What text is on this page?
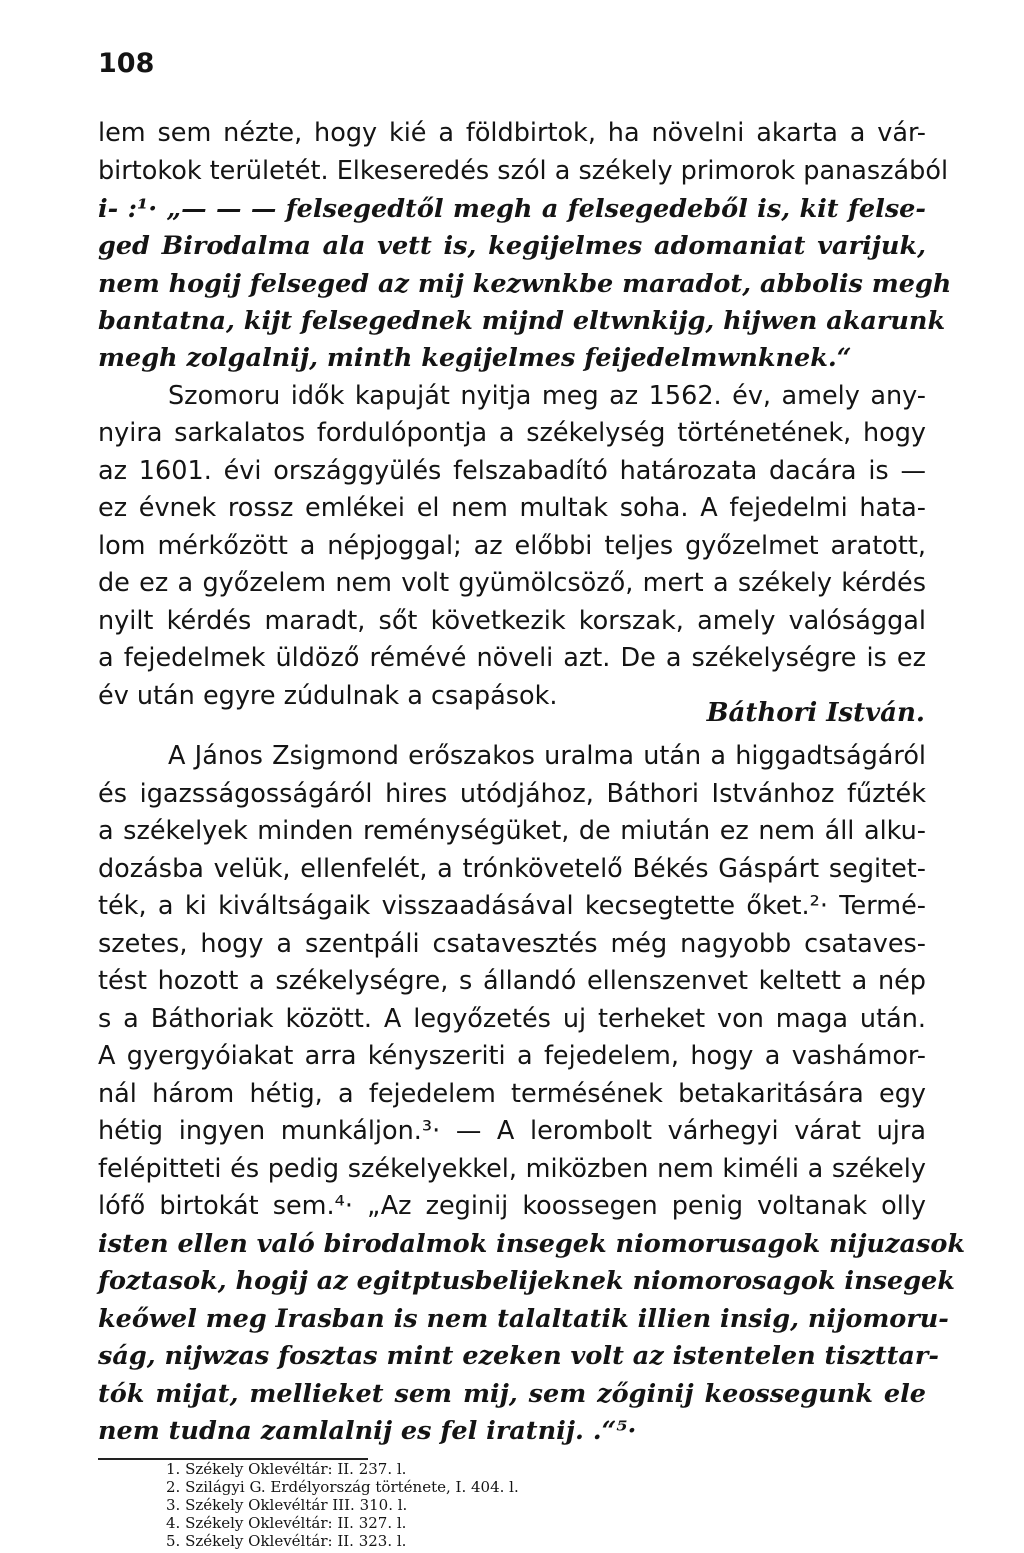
108
lem sem nézte, hogy kié a földbirtok, ha növelni akarta a vár-
birtokok területét. Elkeseredés szól a székely primorok panaszából
i- :¹· „— — — felsegedtől megh a felsegedeből is, kit felse-
ged Birodalma ala vett is, kegijelmes adomaniat varijuk,
nem hogij felseged az mij kezwnkbe maradot, abbolis megh
bantatna, kijt felsegednek mijnd eltwnkijg, hijwen akarunk
megh zolgalnij, minth kegijelmes feijedelmwnknek.“
Szomoru idők kapuját nyitja meg az 1562. év, amely any-
nyira sarkalatos fordulópontja a székelység történetének, hogy
az 1601. évi országgyülés felszabadító határozata dacára is —
ez évnek rossz emlékei el nem multak soha. A fejedelmi hata-
lom mérkőzött a népjoggal; az előbbi teljes győzelmet aratott,
de ez a győzelem nem volt gyümölcsöző, mert a székely kérdés
nyilt kérdés maradt, sőt következik korszak, amely valósággal
a fejedelmek üldöző rémévé növeli azt. De a székelységre is ez
év után egyre zúdulnak a csapások.
Báthori István.
A János Zsigmond erőszakos uralma után a higgadtságáról
és igazsságosságáról hires utódjához, Báthori Istvánhoz fűzték
a székelyek minden reménységüket, de miután ez nem áll alku-
dozásba velük, ellenfelét, a trónkövetelő Békés Gáspárt segitet-
ték, a ki kiváltságaik visszaadásával kecsegtette őket.²· Termé-
szetes, hogy a szentpáli csatavesztés még nagyobb csataves-
tést hozott a székelységre, s állandó ellenszenvet keltett a nép
s a Báthoriak között. A legyőzetés uj terheket von maga után.
A gyergyóiakat arra kényszeriti a fejedelem, hogy a vashámor-
nál három hétig, a fejedelem termésének betakaritására egy
hétig ingyen munkáljon.³· — A lerombolt várhegyi várat ujra
felépitteti és pedig székelyekkel, miközben nem kiméli a székely
lófő birtokát sem.⁴· „Az zeginij koossegen penig voltanak olly
isten ellen való birodalmok insegek niomorusagok nijuzasok
foztasok, hogij az egitptusbelijeknek niomorosagok insegek
keőwel meg Irasban is nem talaltatik illien insig, nijomoru-
ság, nijwzas fosztas mint ezeken volt az istentelen tiszttar-
tók mijat, mellieket sem mij, sem zőginij keossegunk ele
nem tudna zamlalnij es fel iratnij. .“⁵·
1. Székely Oklevéltár: II. 237. l.
2. Szilágyi G. Erdélyország története, I. 404. l.
3. Székely Oklevéltár III. 310. l.
4. Székely Oklevéltár: II. 327. l.
5. Székely Oklevéltár: II. 323. l.
